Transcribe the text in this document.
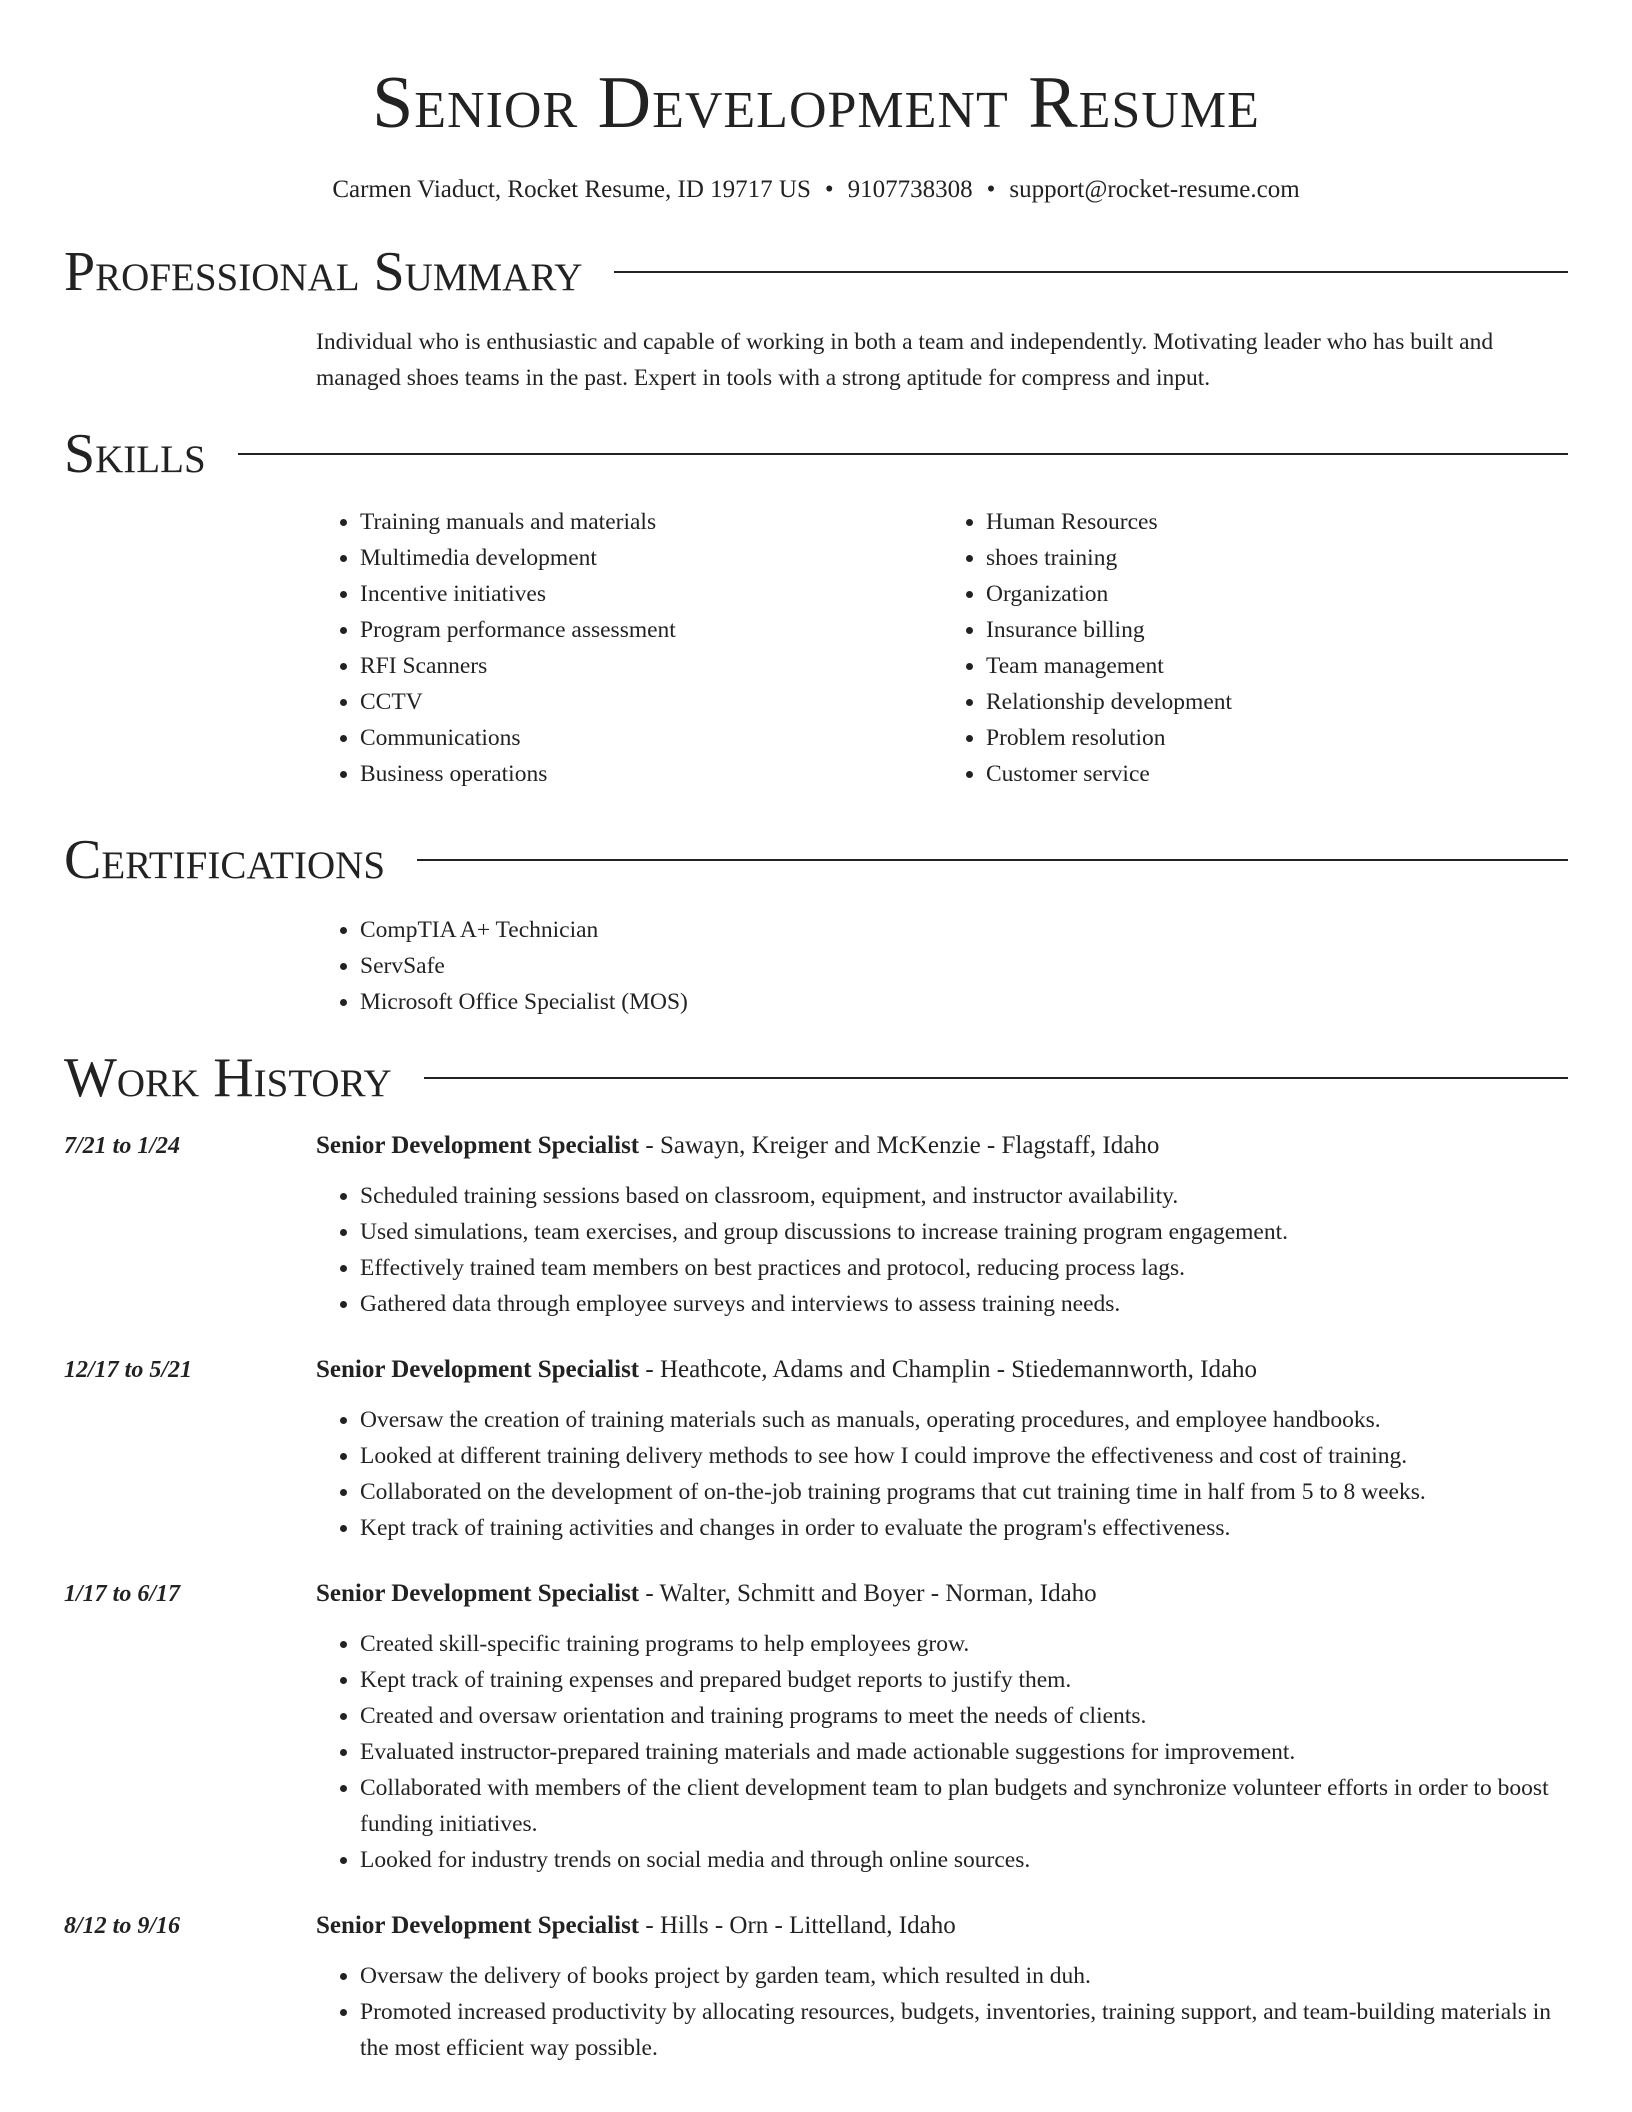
Senior Development Resume
Carmen Viaduct, Rocket Resume, ID 19717 US • 9107738308 • support@rocket-resume.com
Professional Summary
Individual who is enthusiastic and capable of working in both a team and independently. Motivating leader who has built and managed shoes teams in the past. Expert in tools with a strong aptitude for compress and input.
Skills
• Training manuals and materials
• Multimedia development
• Incentive initiatives
• Program performance assessment
• RFI Scanners
• CCTV
• Communications
• Business operations
• Human Resources
• shoes training
• Organization
• Insurance billing
• Team management
• Relationship development
• Problem resolution
• Customer service
Certifications
• CompTIA A+ Technician
• ServSafe
• Microsoft Office Specialist (MOS)
Work History
7/21 to 1/24	Senior Development Specialist - Sawayn, Kreiger and McKenzie - Flagstaff, Idaho
• Scheduled training sessions based on classroom, equipment, and instructor availability.
• Used simulations, team exercises, and group discussions to increase training program engagement.
• Effectively trained team members on best practices and protocol, reducing process lags.
• Gathered data through employee surveys and interviews to assess training needs.
12/17 to 5/21	Senior Development Specialist - Heathcote, Adams and Champlin - Stiedemannworth, Idaho
• Oversaw the creation of training materials such as manuals, operating procedures, and employee handbooks.
• Looked at different training delivery methods to see how I could improve the effectiveness and cost of training.
• Collaborated on the development of on-the-job training programs that cut training time in half from 5 to 8 weeks.
• Kept track of training activities and changes in order to evaluate the program's effectiveness.
1/17 to 6/17	Senior Development Specialist - Walter, Schmitt and Boyer - Norman, Idaho
• Created skill-specific training programs to help employees grow.
• Kept track of training expenses and prepared budget reports to justify them.
• Created and oversaw orientation and training programs to meet the needs of clients.
• Evaluated instructor-prepared training materials and made actionable suggestions for improvement.
• Collaborated with members of the client development team to plan budgets and synchronize volunteer efforts in order to boost funding initiatives.
• Looked for industry trends on social media and through online sources.
8/12 to 9/16	Senior Development Specialist - Hills - Orn - Littelland, Idaho
• Oversaw the delivery of books project by garden team, which resulted in duh.
• Promoted increased productivity by allocating resources, budgets, inventories, training support, and team-building materials in the most efficient way possible.
